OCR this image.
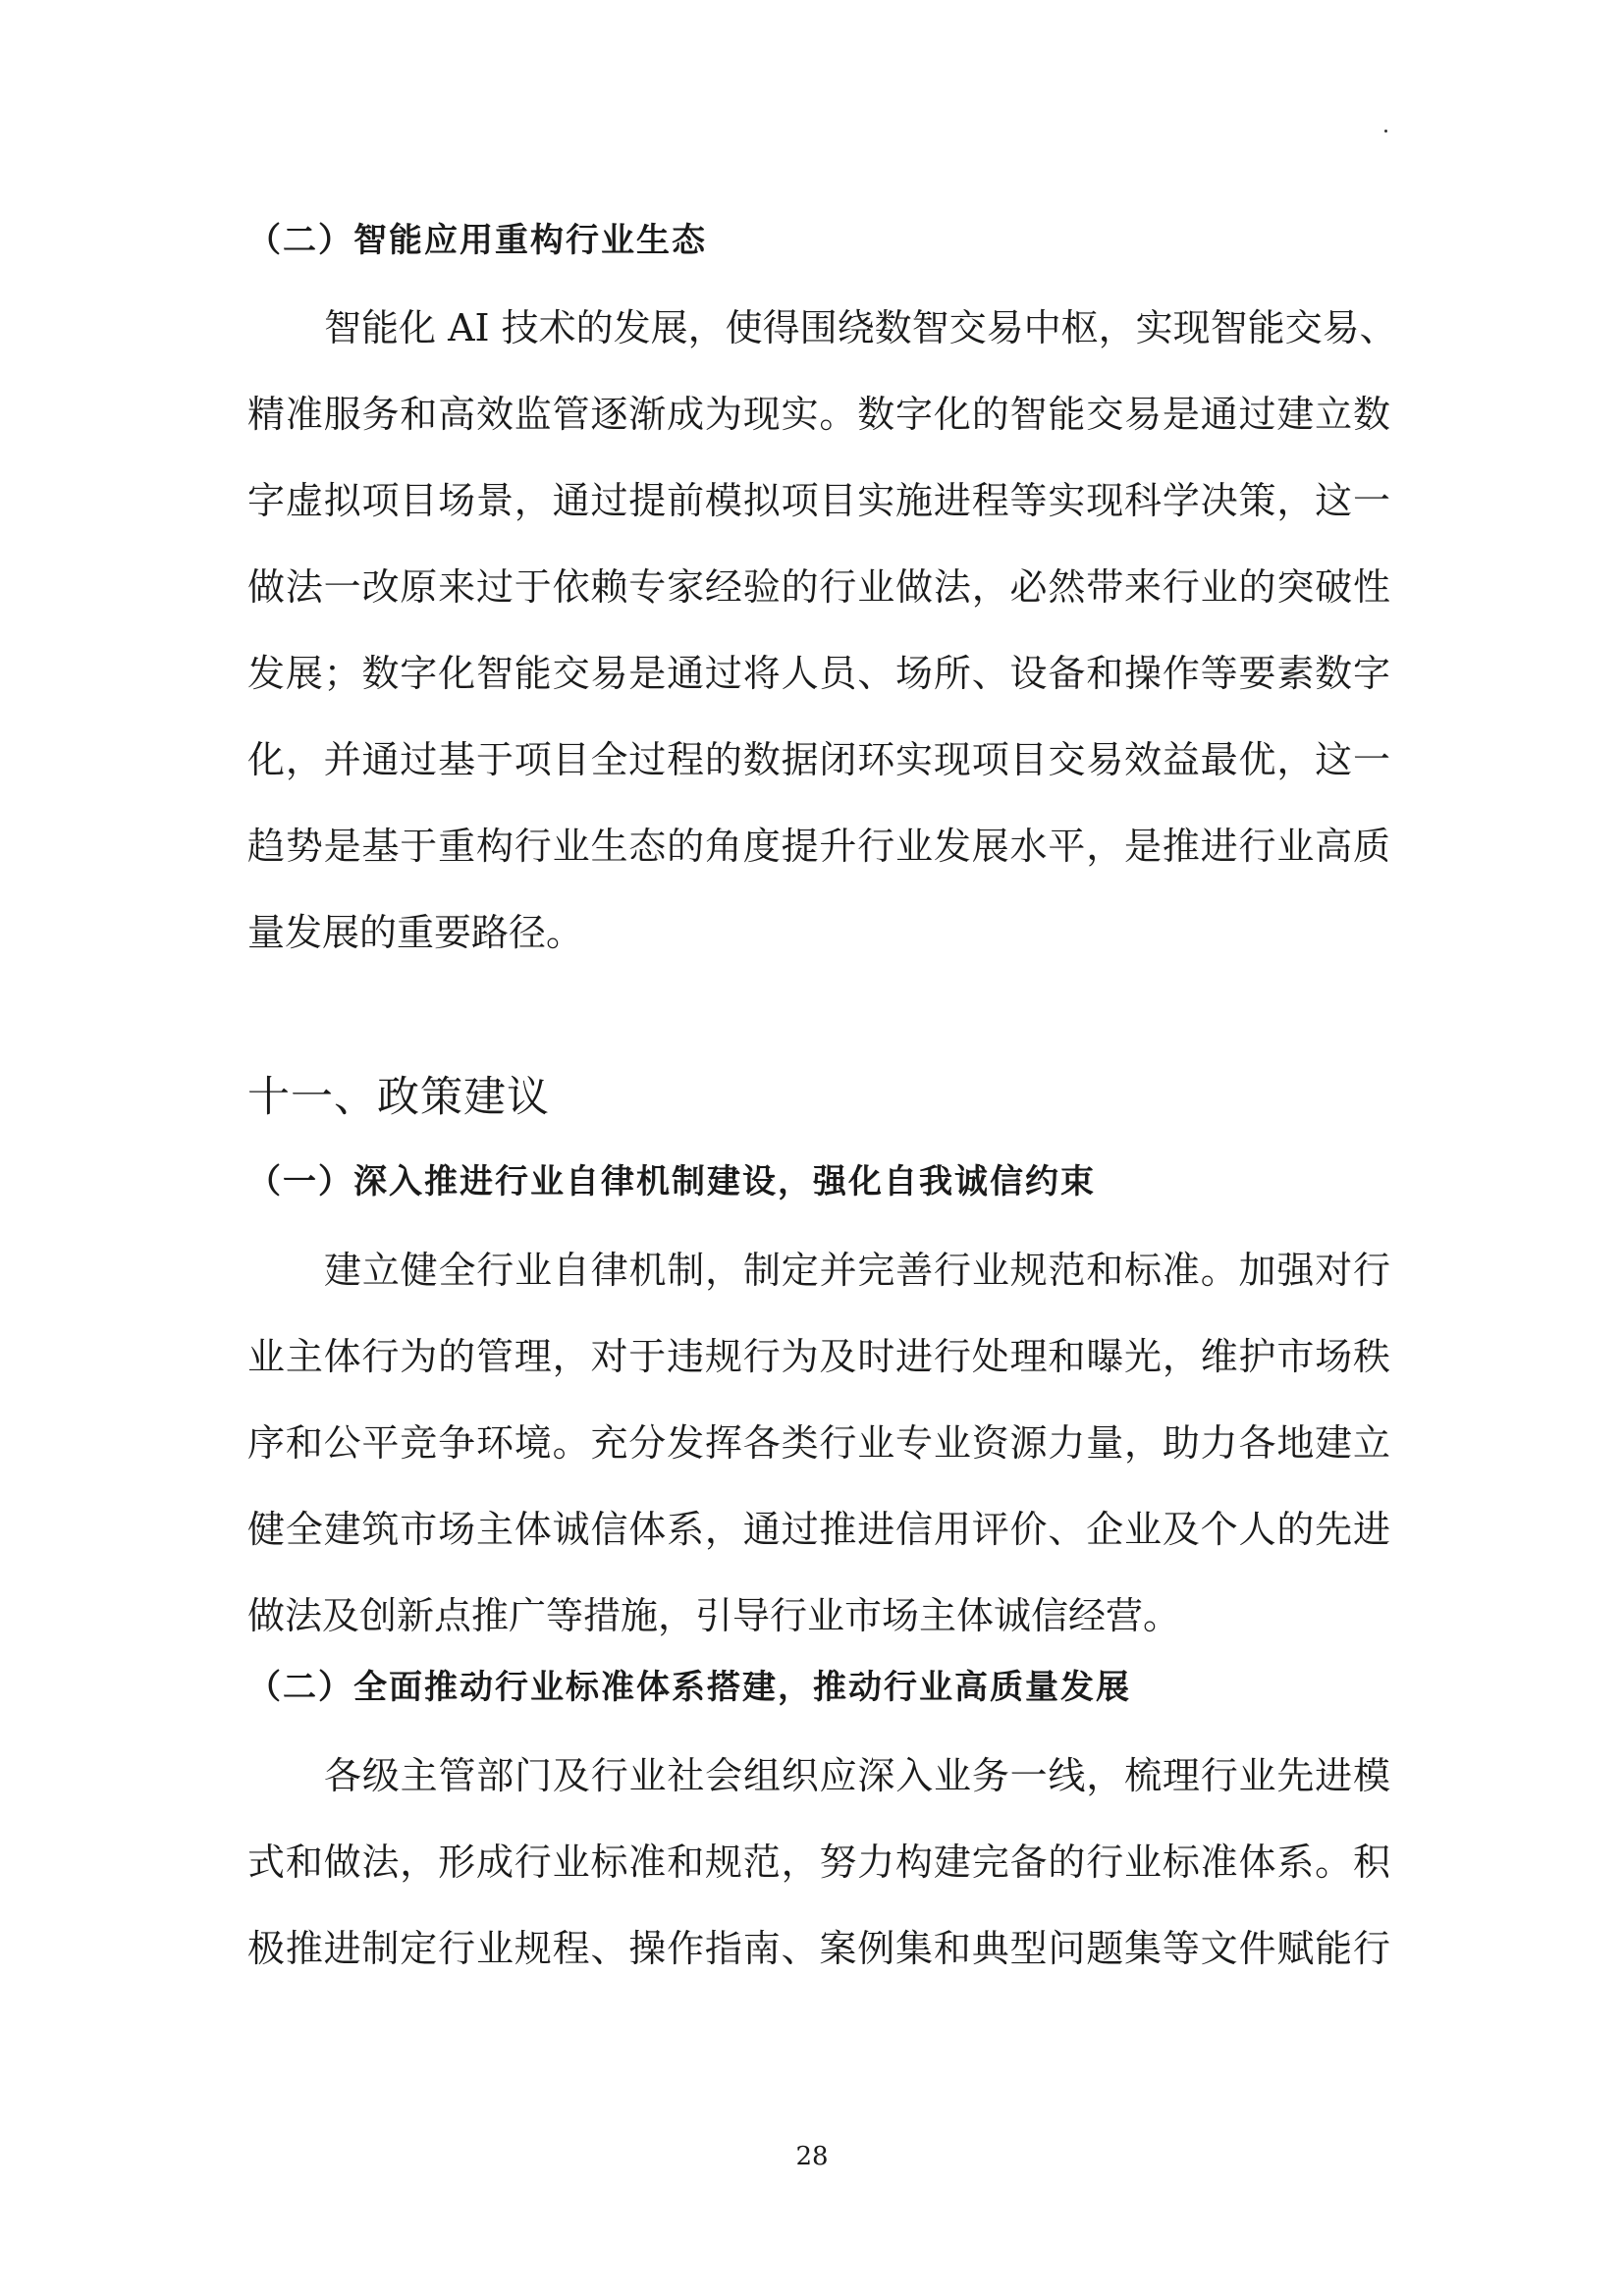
（二）智能应用重构行业生态
智能化 AI 技术的发展，使得围绕数智交易中枢，实现智能交易、
精准服务和高效监管逐渐成为现实。数字化的智能交易是通过建立数
字虚拟项目场景，通过提前模拟项目实施进程等实现科学决策，这一
做法一改原来过于依赖专家经验的行业做法，必然带来行业的突破性
发展；数字化智能交易是通过将人员、场所、设备和操作等要素数字
化，并通过基于项目全过程的数据闭环实现项目交易效益最优，这一
趋势是基于重构行业生态的角度提升行业发展水平，是推进行业高质
量发展的重要路径。
十一、政策建议
（一）深入推进行业自律机制建设，强化自我诚信约束
建立健全行业自律机制，制定并完善行业规范和标准。加强对行
业主体行为的管理，对于违规行为及时进行处理和曝光，维护市场秩
序和公平竞争环境。充分发挥各类行业专业资源力量，助力各地建立
健全建筑市场主体诚信体系，通过推进信用评价、企业及个人的先进
做法及创新点推广等措施，引导行业市场主体诚信经营。
（二）全面推动行业标准体系搭建，推动行业高质量发展
各级主管部门及行业社会组织应深入业务一线，梳理行业先进模
式和做法，形成行业标准和规范，努力构建完备的行业标准体系。积
极推进制定行业规程、操作指南、案例集和典型问题集等文件赋能行
28
